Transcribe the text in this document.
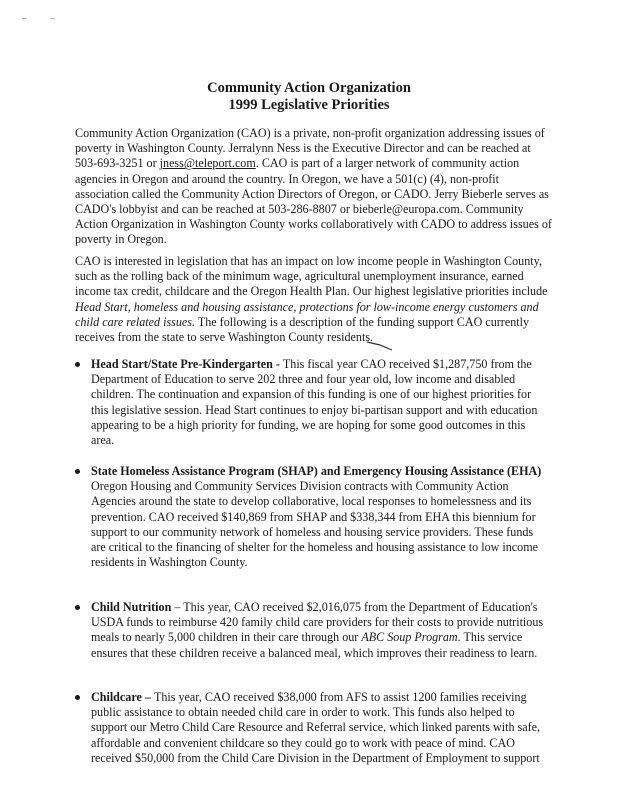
Community Action Organization
1999 Legislative Priorities
Community Action Organization (CAO) is a private, non-profit organization addressing issues of poverty in Washington County. Jerralynn Ness is the Executive Director and can be reached at 503-693-3251 or jness@teleport.com. CAO is part of a larger network of community action agencies in Oregon and around the country. In Oregon, we have a 501(c) (4), non-profit association called the Community Action Directors of Oregon, or CADO. Jerry Bieberle serves as CADO's lobbyist and can be reached at 503-286-8807 or bieberle@europa.com. Community Action Organization in Washington County works collaboratively with CADO to address issues of poverty in Oregon.
CAO is interested in legislation that has an impact on low income people in Washington County, such as the rolling back of the minimum wage, agricultural unemployment insurance, earned income tax credit, childcare and the Oregon Health Plan. Our highest legislative priorities include Head Start, homeless and housing assistance, protections for low-income energy customers and child care related issues. The following is a description of the funding support CAO currently receives from the state to serve Washington County residents.
Head Start/State Pre-Kindergarten - This fiscal year CAO received $1,287,750 from the Department of Education to serve 202 three and four year old, low income and disabled children. The continuation and expansion of this funding is one of our highest priorities for this legislative session. Head Start continues to enjoy bi-partisan support and with education appearing to be a high priority for funding, we are hoping for some good outcomes in this area.
State Homeless Assistance Program (SHAP) and Emergency Housing Assistance (EHA) Oregon Housing and Community Services Division contracts with Community Action Agencies around the state to develop collaborative, local responses to homelessness and its prevention. CAO received $140,869 from SHAP and $338,344 from EHA this biennium for support to our community network of homeless and housing service providers. These funds are critical to the financing of shelter for the homeless and housing assistance to low income residents in Washington County.
Child Nutrition – This year, CAO received $2,016,075 from the Department of Education's USDA funds to reimburse 420 family child care providers for their costs to provide nutritious meals to nearly 5,000 children in their care through our ABC Soup Program. This service ensures that these children receive a balanced meal, which improves their readiness to learn.
Childcare – This year, CAO received $38,000 from AFS to assist 1200 families receiving public assistance to obtain needed child care in order to work. This funds also helped to support our Metro Child Care Resource and Referral service, which linked parents with safe, affordable and convenient childcare so they could go to work with peace of mind. CAO received $50,000 from the Child Care Division in the Department of Employment to support
